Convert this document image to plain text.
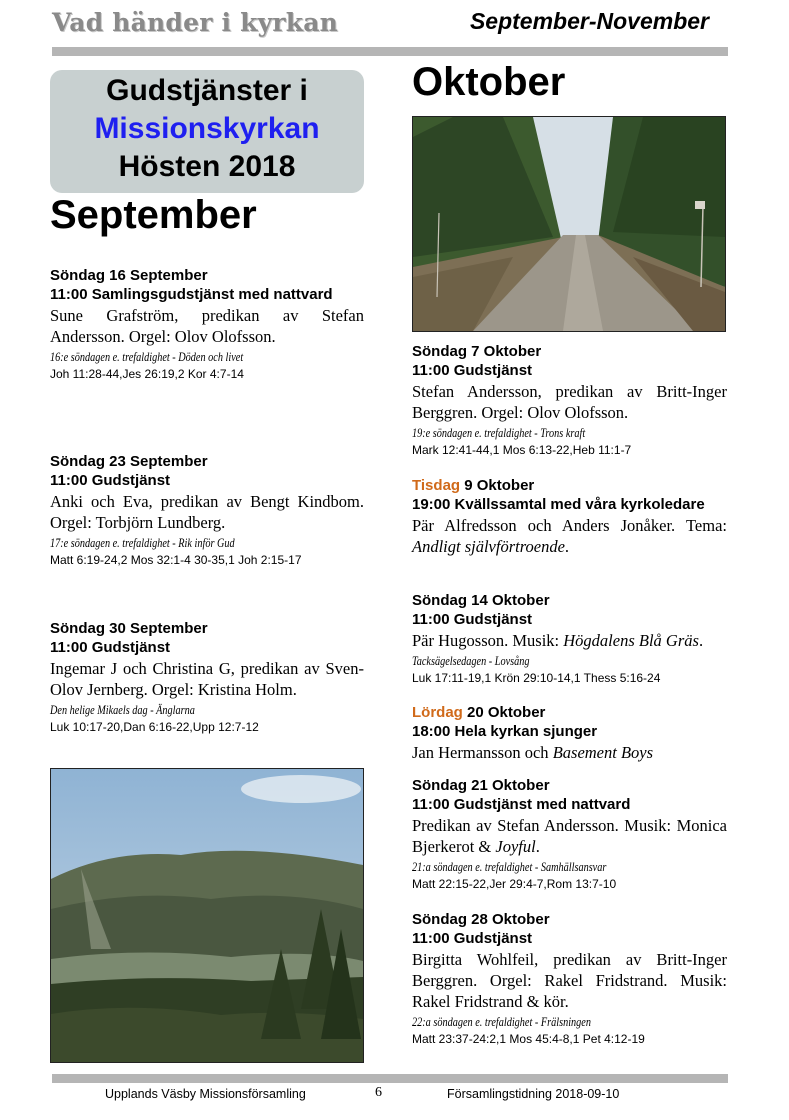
Vad händer i kyrkan	September-November
Gudstjänster i
Missionskyrkan
Hösten 2018
September
Söndag 16 September
11:00 Samlingsgudstjänst med nattvard
Sune Grafström, predikan av Stefan Andersson. Orgel: Olov Olofsson.
16:e söndagen e. trefaldighet - Döden och livet
Joh 11:28-44,Jes 26:19,2 Kor 4:7-14
Söndag 23 September
11:00 Gudstjänst
Anki och Eva, predikan av Bengt Kindbom. Orgel: Torbjörn Lundberg.
17:e söndagen e. trefaldighet - Rik inför Gud
Matt 6:19-24,2 Mos 32:1-4 30-35,1 Joh 2:15-17
Söndag 30 September
11:00 Gudstjänst
Ingemar J och Christina G, predikan av Sven-Olov Jernberg. Orgel: Kristina Holm.
Den helige Mikaels dag - Änglarna
Luk 10:17-20,Dan 6:16-22,Upp 12:7-12
Oktober
Söndag 7 Oktober
11:00 Gudstjänst
Stefan Andersson, predikan av Britt-Inger Berggren. Orgel: Olov Olofsson.
19:e söndagen e. trefaldighet - Trons kraft
Mark 12:41-44,1 Mos 6:13-22,Heb 11:1-7
Tisdag 9 Oktober
19:00 Kvällssamtal med våra kyrkoledare
Pär Alfredsson och Anders Jonåker. Tema: Andligt självförtroende.
Söndag 14 Oktober
11:00 Gudstjänst
Pär Hugosson. Musik: Högdalens Blå Gräs.
Tacksägelsedagen - Lovsång
Luk 17:11-19,1 Krön 29:10-14,1 Thess 5:16-24
Lördag 20 Oktober
18:00 Hela kyrkan sjunger
Jan Hermansson och Basement Boys
Söndag 21 Oktober
11:00 Gudstjänst med nattvard
Predikan av Stefan Andersson. Musik: Monica Bjerkerot & Joyful.
21:a söndagen e. trefaldighet - Samhällsansvar
Matt 22:15-22,Jer 29:4-7,Rom 13:7-10
Söndag 28 Oktober
11:00 Gudstjänst
Birgitta Wohlfeil, predikan av Britt-Inger Berggren. Orgel: Rakel Fridstrand. Musik: Rakel Fridstrand & kör.
22:a söndagen e. trefaldighet - Frälsningen
Matt 23:37-24:2,1 Mos 45:4-8,1 Pet 4:12-19
Upplands Väsby Missionsförsamling	6	Församlingstidning 2018-09-10
